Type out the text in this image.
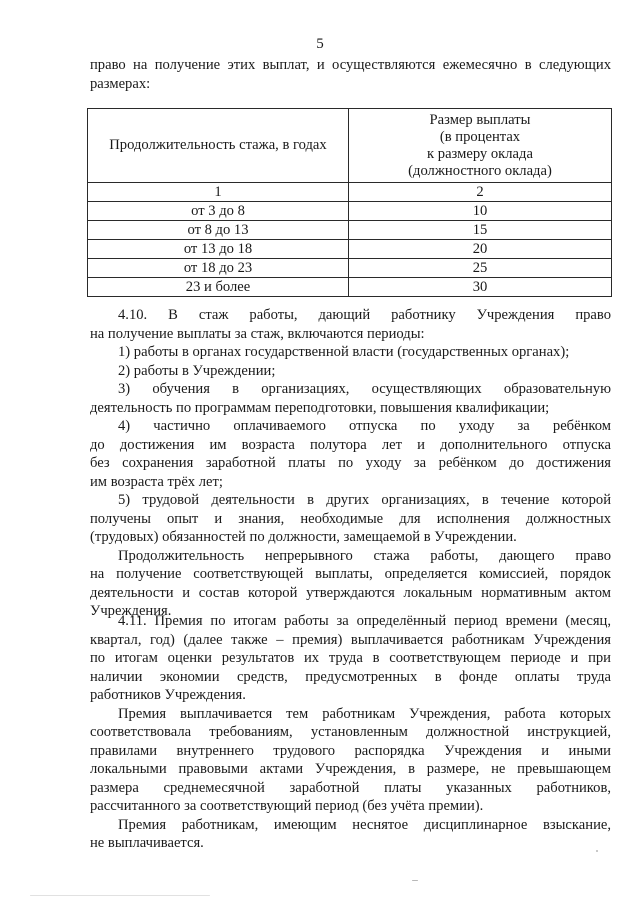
5
право на получение этих выплат, и осуществляются ежемесячно в следующих
размерах:
Продолжительность стажа, в годах	Размер выплаты
(в процентах
к размеру оклада
(должностного оклада)

1	2
от 3 до 8	10
от 8 до 13	15
от 13 до 18	20
от 18 до 23	25
23 и более	30
4.10. В стаж работы, дающий работнику Учреждения право
на получение выплаты за стаж, включаются периоды:
1) работы в органах государственной власти (государственных органах);
2) работы в Учреждении;
3) обучения в организациях, осуществляющих образовательную
деятельность по программам переподготовки, повышения квалификации;
4) частично оплачиваемого отпуска по уходу за ребёнком
до достижения им возраста полутора лет и дополнительного отпуска
без сохранения заработной платы по уходу за ребёнком до достижения
им возраста трёх лет;
5) трудовой деятельности в других организациях, в течение которой
получены опыт и знания, необходимые для исполнения должностных
(трудовых) обязанностей по должности, замещаемой в Учреждении.
Продолжительность непрерывного стажа работы, дающего право
на получение соответствующей выплаты, определяется комиссией, порядок
деятельности и состав которой утверждаются локальным нормативным актом
Учреждения.
4.11. Премия по итогам работы за определённый период времени (месяц,
квартал, год) (далее также – премия) выплачивается работникам Учреждения
по итогам оценки результатов их труда в соответствующем периоде и при
наличии экономии средств, предусмотренных в фонде оплаты труда
работников Учреждения.
Премия выплачивается тем работникам Учреждения, работа которых
соответствовала требованиям, установленным должностной инструкцией,
правилами внутреннего трудового распорядка Учреждения и иными
локальными правовыми актами Учреждения, в размере, не превышающем
размера среднемесячной заработной платы указанных работников,
рассчитанного за соответствующий период (без учёта премии).
Премия работникам, имеющим неснятое дисциплинарное взыскание,
не выплачивается.
